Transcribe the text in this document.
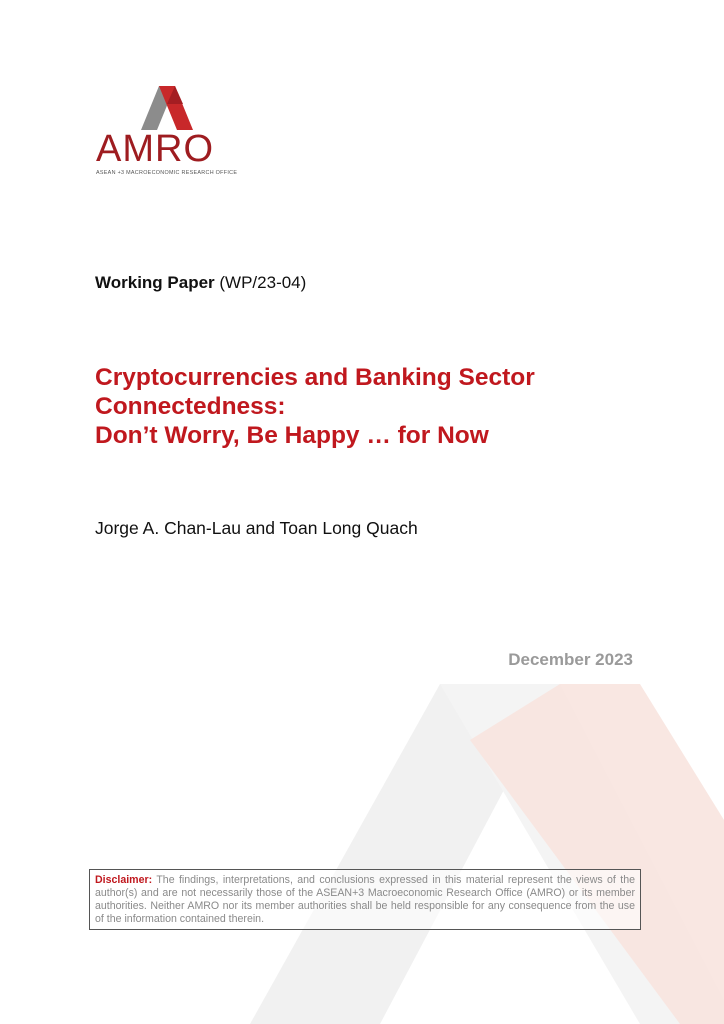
AMRO
ASEAN +3 MACROECONOMIC RESEARCH OFFICE
Working Paper (WP/23-04)
Cryptocurrencies and Banking Sector
Connectedness:
Don’t Worry, Be Happy … for Now
Jorge A. Chan-Lau and Toan Long Quach
December 2023
Disclaimer: The findings, interpretations, and conclusions expressed in this material represent the views of the author(s) and are not necessarily those of the ASEAN+3 Macroeconomic Research Office (AMRO) or its member authorities. Neither AMRO nor its member authorities shall be held responsible for any consequence from the use of the information contained therein.
